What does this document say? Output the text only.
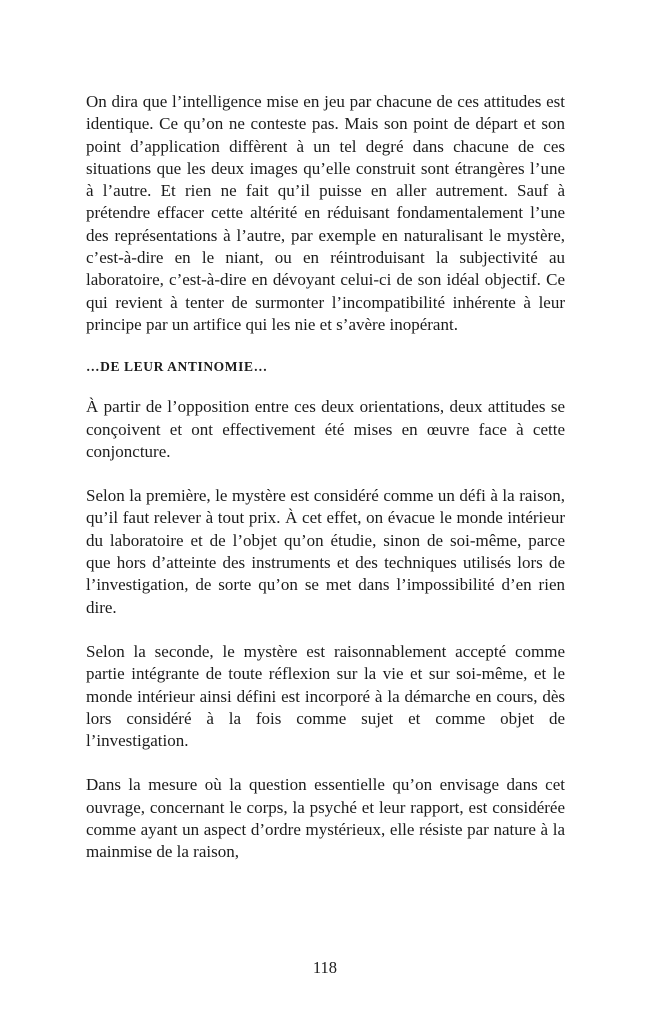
On dira que l’intelligence mise en jeu par chacune de ces attitudes est identique. Ce qu’on ne conteste pas. Mais son point de départ et son point d’application diffèrent à un tel degré dans chacune de ces situations que les deux images qu’elle construit sont étrangères l’une à l’autre. Et rien ne fait qu’il puisse en aller autrement. Sauf à prétendre effacer cette altérité en réduisant fondamentalement l’une des représentations à l’autre, par exemple en naturalisant le mystère, c’est-à-dire en le niant, ou en réintroduisant la subjectivité au laboratoire, c’est-à-dire en dévoyant celui-ci de son idéal objectif. Ce qui revient à tenter de surmonter l’incompatibilité inhérente à leur principe par un artifice qui les nie et s’avère inopérant.

…DE LEUR ANTINOMIE…

À partir de l’opposition entre ces deux orientations, deux attitudes se conçoivent et ont effectivement été mises en œuvre face à cette conjoncture.

Selon la première, le mystère est considéré comme un défi à la raison, qu’il faut relever à tout prix. À cet effet, on évacue le monde intérieur du laboratoire et de l’objet qu’on étudie, sinon de soi-même, parce que hors d’atteinte des instruments et des techniques utilisés lors de l’investigation, de sorte qu’on se met dans l’impossibilité d’en rien dire.

Selon la seconde, le mystère est raisonnablement accepté comme partie intégrante de toute réflexion sur la vie et sur soi-même, et le monde intérieur ainsi défini est incorporé à la démarche en cours, dès lors considéré à la fois comme sujet et comme objet de l’investigation.

Dans la mesure où la question essentielle qu’on envisage dans cet ouvrage, concernant le corps, la psyché et leur rapport, est considérée comme ayant un aspect d’ordre mystérieux, elle résiste par nature à la mainmise de la raison,

118
